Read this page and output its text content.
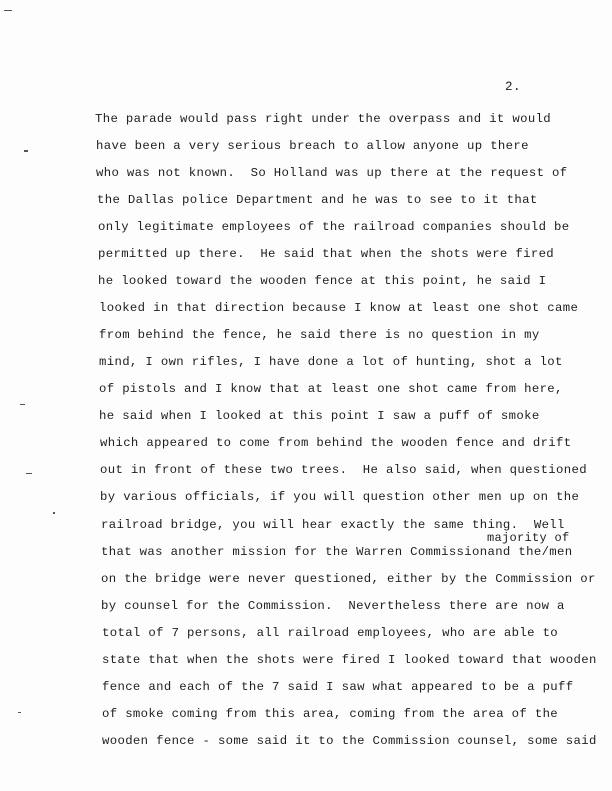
2.
The parade would pass right under the overpass and it would
have been a very serious breach to allow anyone up there
who was not known.  So Holland was up there at the request of
the Dallas police Department and he was to see to it that
only legitimate employees of the railroad companies should be
permitted up there.  He said that when the shots were fired
he looked toward the wooden fence at this point, he said I
looked in that direction because I know at least one shot came
from behind the fence, he said there is no question in my
mind, I own rifles, I have done a lot of hunting, shot a lot
of pistols and I know that at least one shot came from here,
he said when I looked at this point I saw a puff of smoke
which appeared to come from behind the wooden fence and drift
out in front of these two trees.  He also said, when questioned
by various officials, if you will question other men up on the
railroad bridge, you will hear exactly the same thing.  Well
majority of
that was another mission for the Warren Commissionand the/men
on the bridge were never questioned, either by the Commission or
by counsel for the Commission.  Nevertheless there are now a
total of 7 persons, all railroad employees, who are able to
state that when the shots were fired I looked toward that wooden
fence and each of the 7 said I saw what appeared to be a puff
of smoke coming from this area, coming from the area of the
wooden fence - some said it to the Commission counsel, some said
